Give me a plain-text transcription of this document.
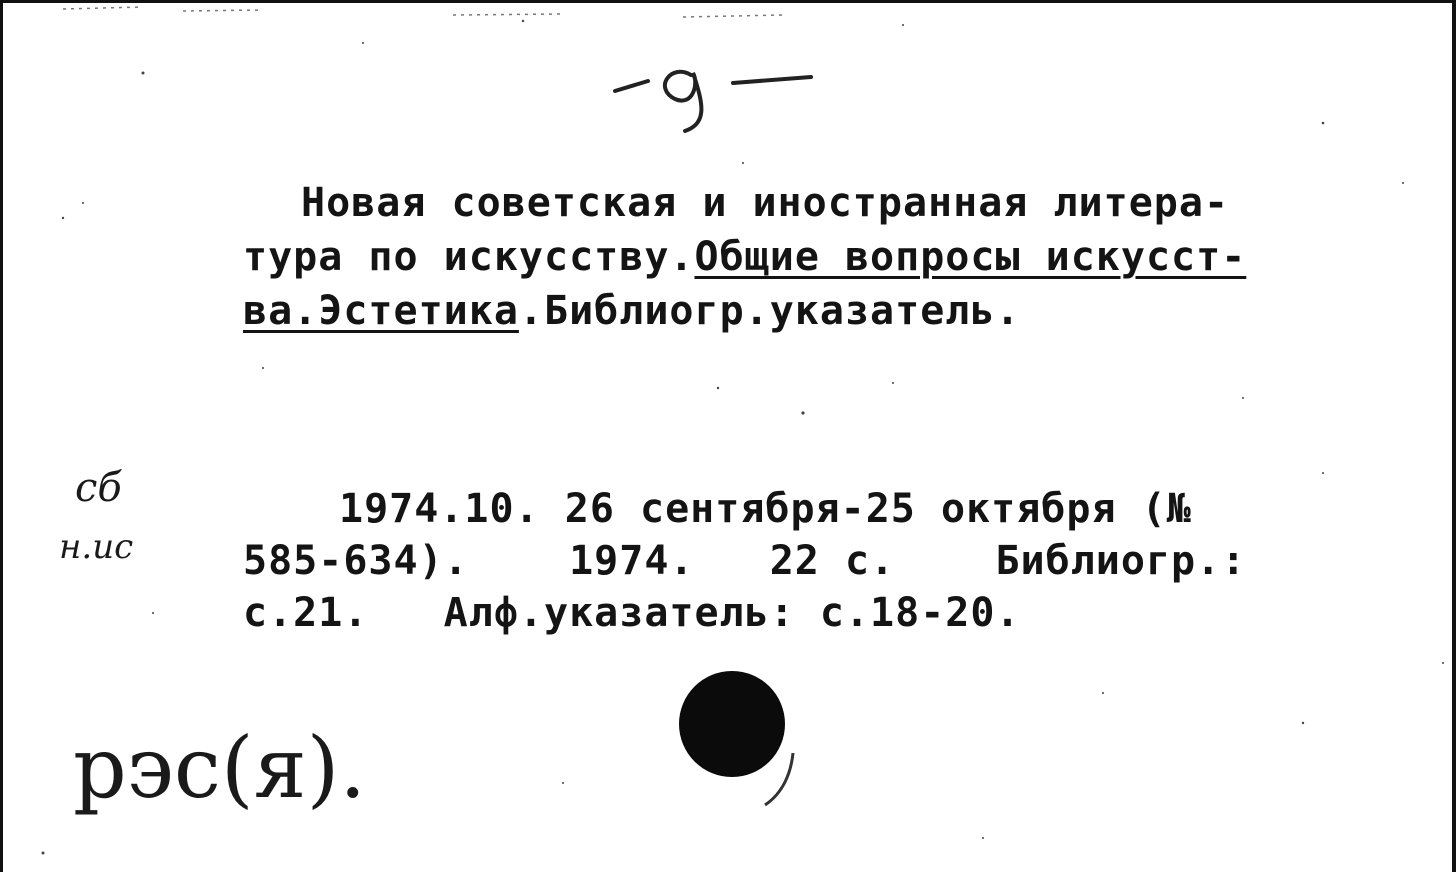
Новая советская и иностранная литера-
тура по искусству.Общие вопросы искусст-
ва.Эстетика.Библиогр.указатель.
сб
н.ис
1974.10. 26 сентября-25 октября (№
585-634).    1974.   22 с.    Библиогр.:
с.21.   Алф.указатель: с.18-20.
рэс(я).
